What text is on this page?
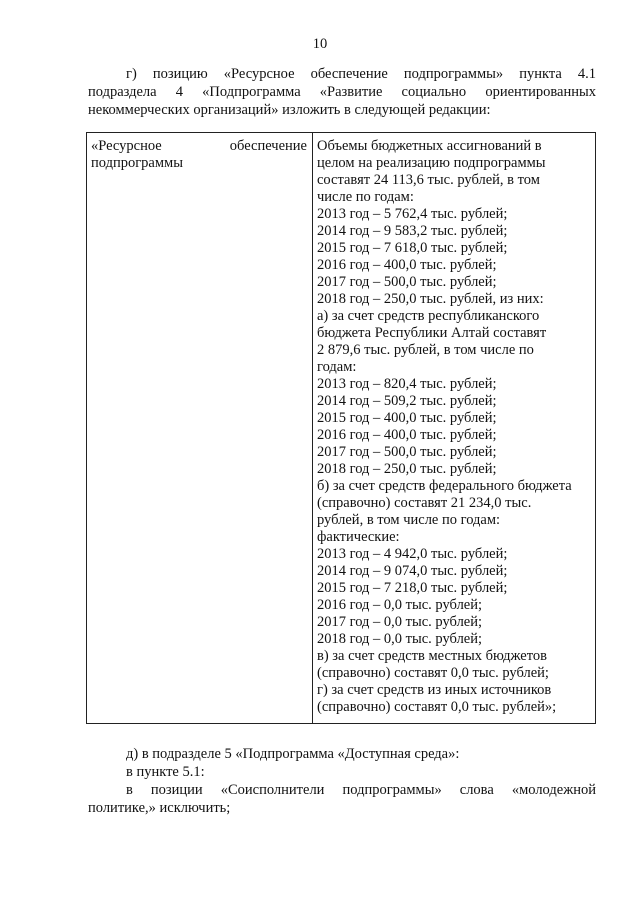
10
г) позицию «Ресурсное обеспечение подпрограммы» пункта 4.1
подраздела 4 «Подпрограмма «Развитие социально ориентированных
некоммерческих организаций» изложить в следующей редакции:
«Ресурсное обеспечение
подпрограммы
Объемы бюджетных ассигнований в
целом на реализацию подпрограммы
составят 24 113,6 тыс. рублей, в том
числе по годам:
2013 год – 5 762,4 тыс. рублей;
2014 год – 9 583,2 тыс. рублей;
2015 год – 7 618,0 тыс. рублей;
2016 год – 400,0 тыс. рублей;
2017 год – 500,0 тыс. рублей;
2018 год – 250,0 тыс. рублей, из них:
а) за счет средств республиканского
бюджета Республики Алтай составят
2 879,6 тыс. рублей, в том числе по
годам:
2013 год – 820,4 тыс. рублей;
2014 год – 509,2 тыс. рублей;
2015 год – 400,0 тыс. рублей;
2016 год – 400,0 тыс. рублей;
2017 год – 500,0 тыс. рублей;
2018 год – 250,0 тыс. рублей;
б) за счет средств федерального бюджета
(справочно) составят 21 234,0 тыс.
рублей, в том числе по годам:
фактические:
2013 год – 4 942,0 тыс. рублей;
2014 год – 9 074,0 тыс. рублей;
2015 год – 7 218,0 тыс. рублей;
2016 год – 0,0 тыс. рублей;
2017 год – 0,0 тыс. рублей;
2018 год – 0,0 тыс. рублей;
в) за счет средств местных бюджетов
(справочно) составят 0,0 тыс. рублей;
г) за счет средств из иных источников
(справочно) составят 0,0 тыс. рублей»;
д) в подразделе 5 «Подпрограмма «Доступная среда»:
в пункте 5.1:
в позиции «Соисполнители подпрограммы» слова «молодежной
политике,» исключить;
